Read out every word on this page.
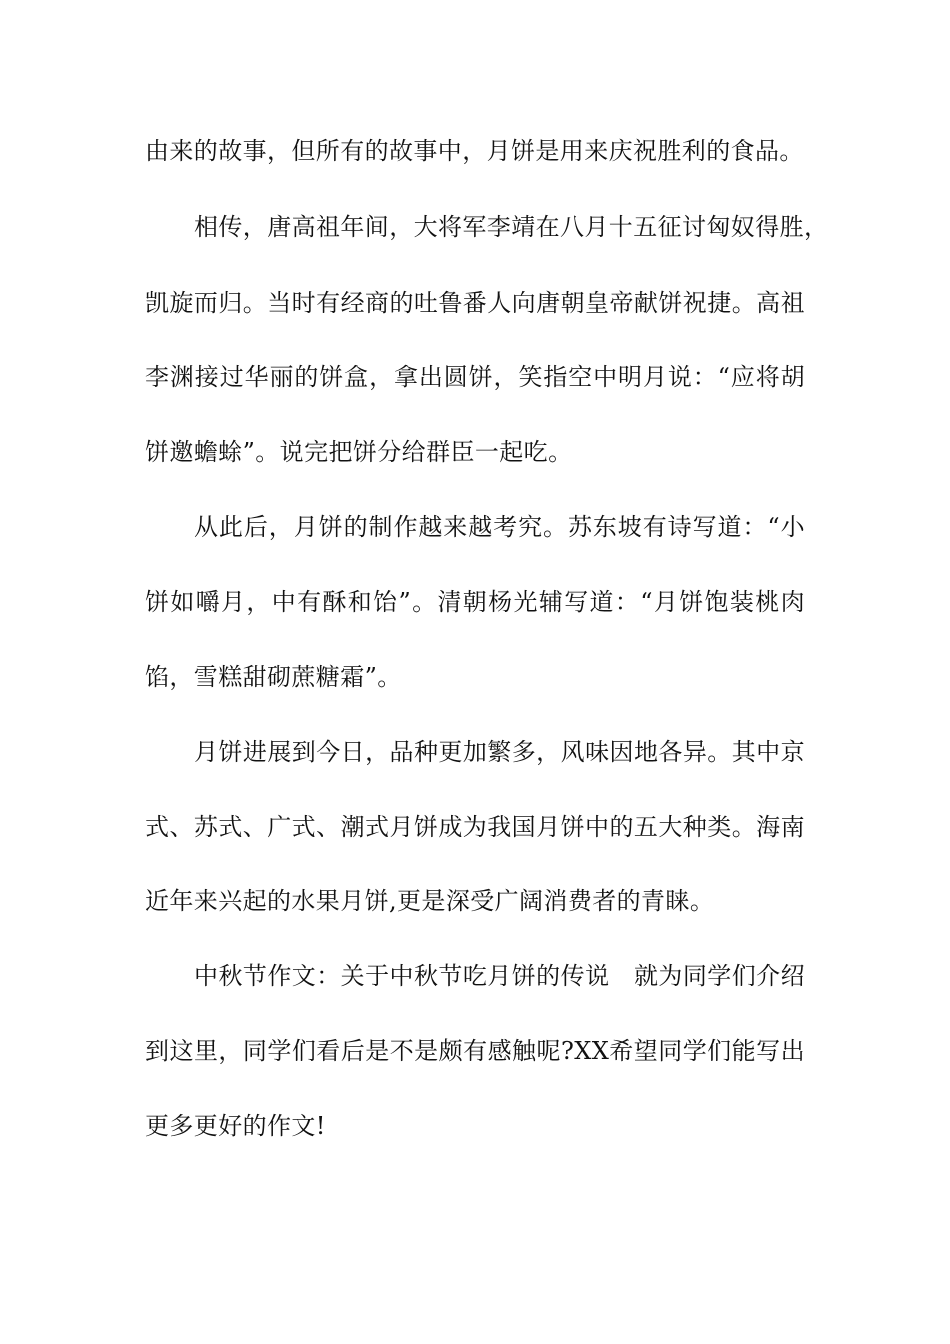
由来的故事，但所有的故事中，月饼是用来庆祝胜利的食品。
相传，唐高祖年间，大将军李靖在八月十五征讨匈奴得胜，
凯旋而归。当时有经商的吐鲁番人向唐朝皇帝献饼祝捷。高祖
李渊接过华丽的饼盒，拿出圆饼，笑指空中明月说：“应将胡
饼邀蟾蜍”。说完把饼分给群臣一起吃。
从此后，月饼的制作越来越考究。苏东坡有诗写道：“小
饼如嚼月，中有酥和饴”。清朝杨光辅写道：“月饼饱装桃肉
馅，雪糕甜砌蔗糖霜”。
月饼进展到今日，品种更加繁多，风味因地各异。其中京
式、苏式、广式、潮式月饼成为我国月饼中的五大种类。海南
近年来兴起的水果月饼,更是深受广阔消费者的青睐。
中秋节作文：关于中秋节吃月饼的传说　就为同学们介绍
到这里，同学们看后是不是颇有感触呢?XX希望同学们能写出
更多更好的作文!
